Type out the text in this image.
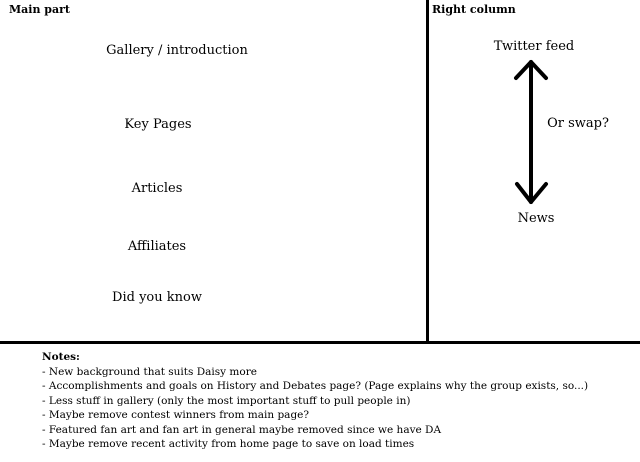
Main part	Right column
Gallery / introduction
Key Pages
Articles
Affiliates
Did you know
Twitter feed
News
Or swap?
Notes:
- New background that suits Daisy more
- Accomplishments and goals on History and Debates page? (Page explains why the group exists, so...)
- Less stuff in gallery (only the most important stuff to pull people in)
- Maybe remove contest winners from main page?
- Featured fan art and fan art in general maybe removed since we have DA
- Maybe remove recent activity from home page to save on load times
